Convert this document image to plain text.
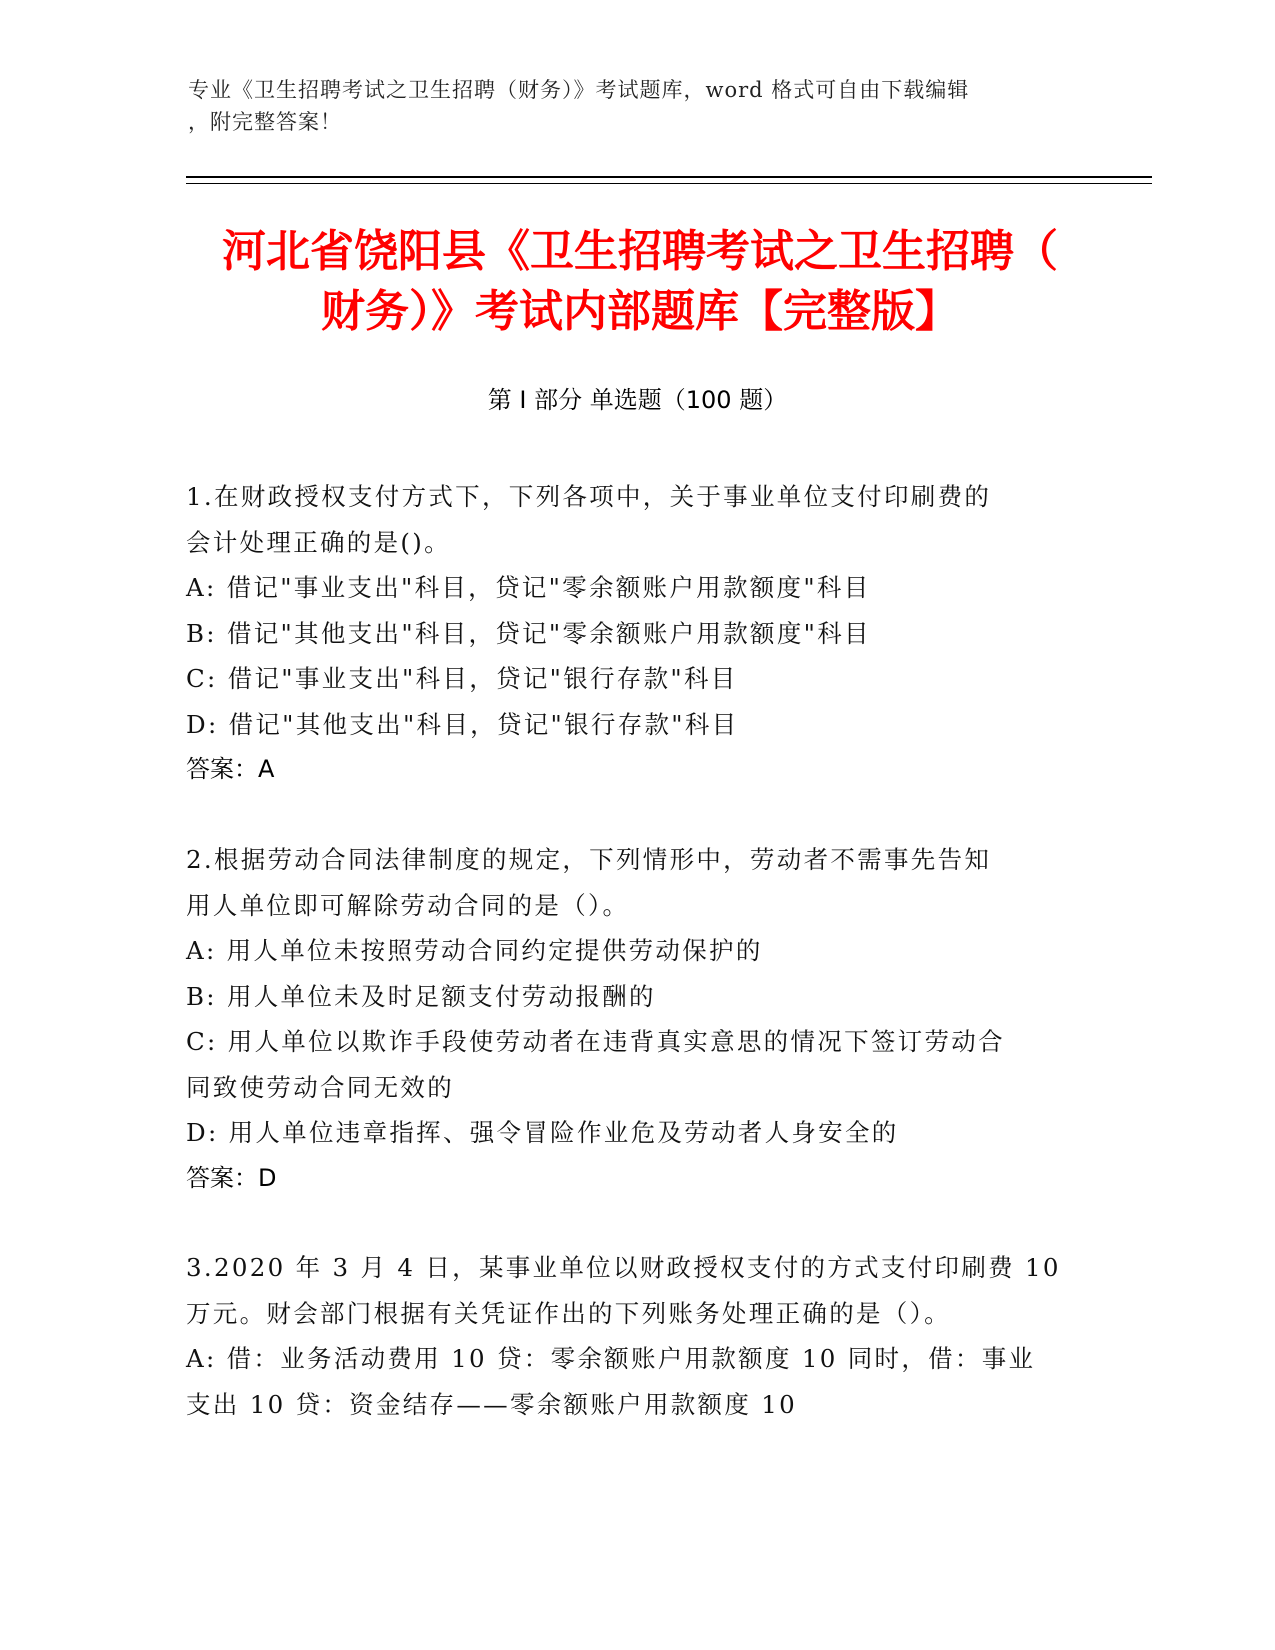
专业《卫生招聘考试之卫生招聘（财务）》考试题库，word 格式可自由下载编辑
，附完整答案！
河北省饶阳县《卫生招聘考试之卫生招聘（
财务）》考试内部题库【完整版】
第 I 部分 单选题（100 题）
1.在财政授权支付方式下，下列各项中，关于事业单位支付印刷费的
会计处理正确的是()。
A: 借记"事业支出"科目，贷记"零余额账户用款额度"科目
B: 借记"其他支出"科目，贷记"零余额账户用款额度"科目
C: 借记"事业支出"科目，贷记"银行存款"科目
D: 借记"其他支出"科目，贷记"银行存款"科目
答案：A
2.根据劳动合同法律制度的规定，下列情形中，劳动者不需事先告知
用人单位即可解除劳动合同的是（）。
A: 用人单位未按照劳动合同约定提供劳动保护的
B: 用人单位未及时足额支付劳动报酬的
C: 用人单位以欺诈手段使劳动者在违背真实意思的情况下签订劳动合
同致使劳动合同无效的
D: 用人单位违章指挥、强令冒险作业危及劳动者人身安全的
答案：D
3.2020 年 3 月 4 日，某事业单位以财政授权支付的方式支付印刷费 10
万元。财会部门根据有关凭证作出的下列账务处理正确的是（）。
A: 借：业务活动费用 10 贷：零余额账户用款额度 10 同时，借：事业
支出 10 贷：资金结存——零余额账户用款额度 10
